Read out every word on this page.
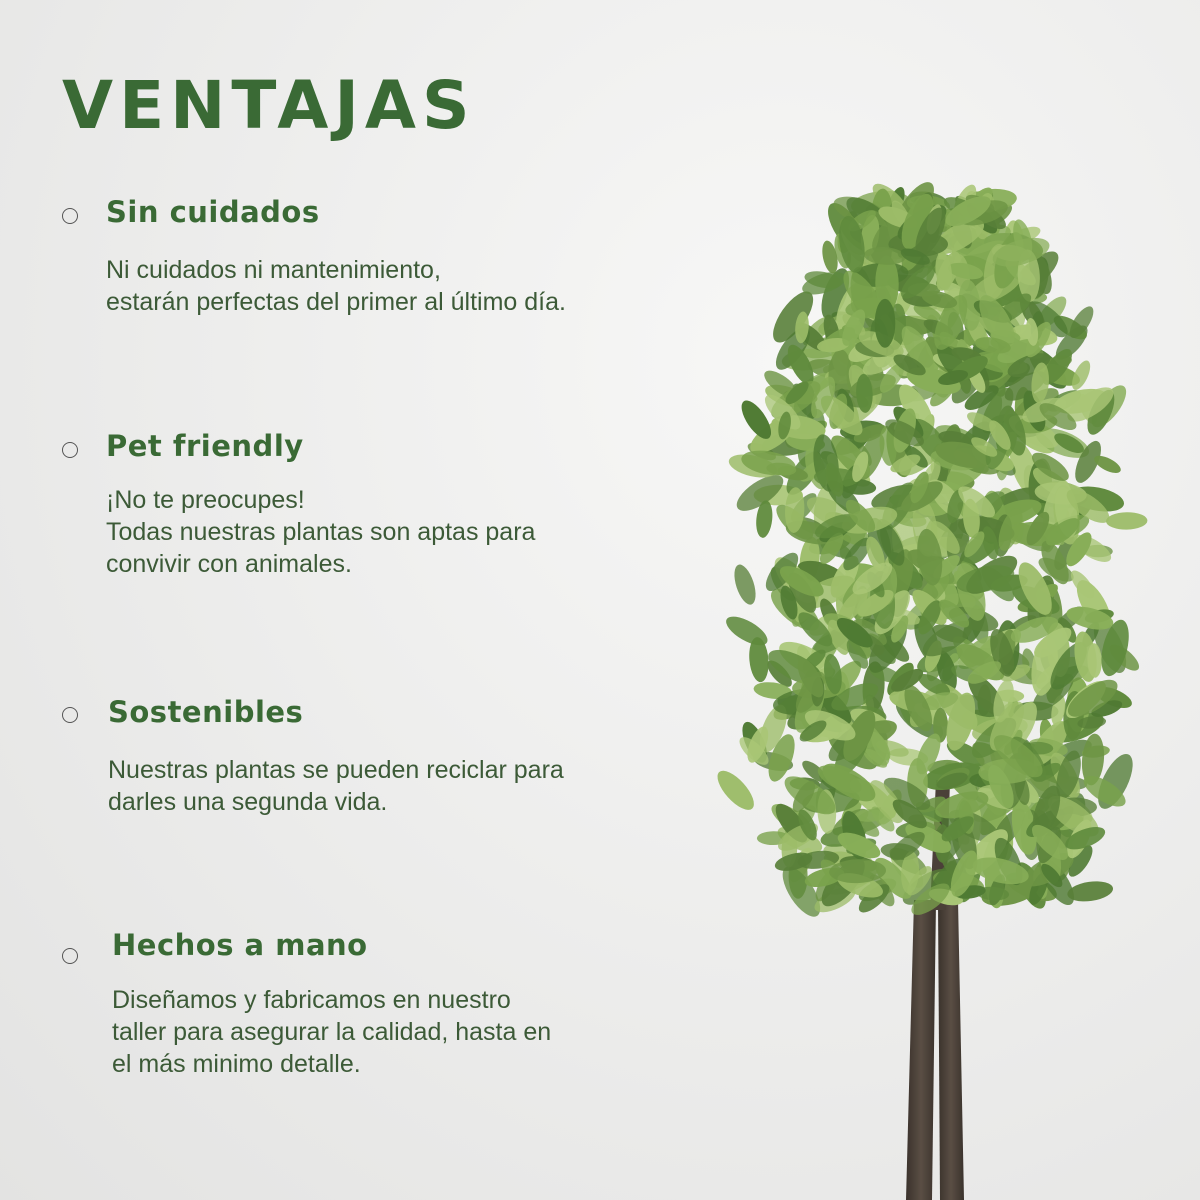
VENTAJAS
Sin cuidados
Ni cuidados ni mantenimiento,
estarán perfectas del primer al último día.
Pet friendly
¡No te preocupes!
Todas nuestras plantas son aptas para
convivir con animales.
Sostenibles
Nuestras plantas se pueden reciclar para
darles una segunda vida.
Hechos a mano
Diseñamos y fabricamos en nuestro
taller para asegurar la calidad, hasta en
el más minimo detalle.
